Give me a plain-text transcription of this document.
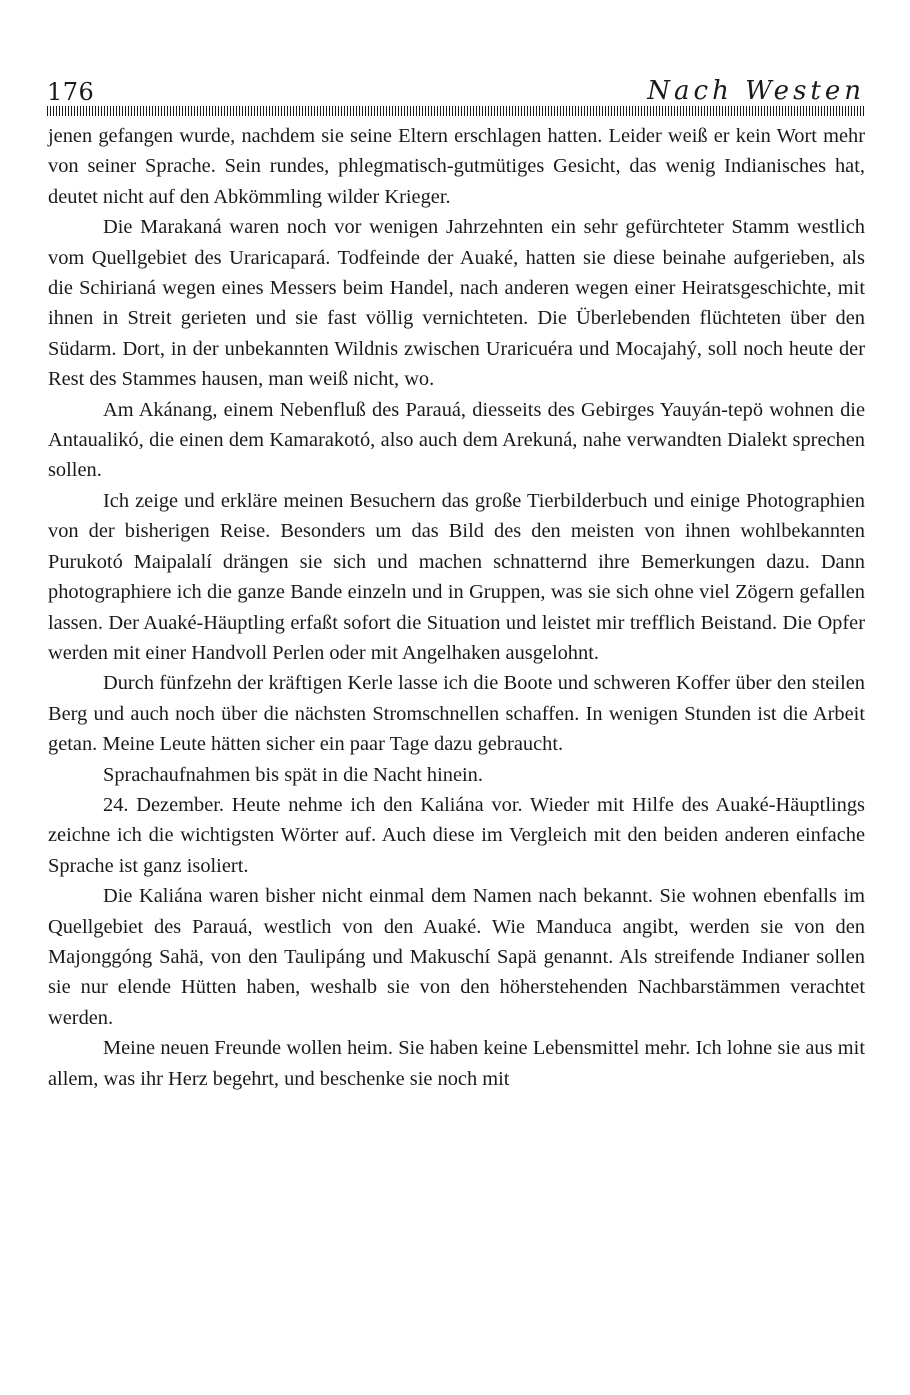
176	Nach Westen

jenen gefangen wurde, nachdem sie seine Eltern erschlagen hatten. Leider weiß er kein Wort mehr von seiner Sprache. Sein rundes, phlegmatisch-gutmütiges Gesicht, das wenig Indianisches hat, deutet nicht auf den Abkömmling wilder Krieger.

Die Marakaná waren noch vor wenigen Jahrzehnten ein sehr gefürchteter Stamm westlich vom Quellgebiet des Uraricapará. Todfeinde der Auaké, hatten sie diese beinahe aufgerieben, als die Schirianá wegen eines Messers beim Handel, nach anderen wegen einer Heiratsgeschichte, mit ihnen in Streit gerieten und sie fast völlig vernichteten. Die Überlebenden flüchteten über den Südarm. Dort, in der unbekannten Wildnis zwischen Uraricuéra und Mocajahý, soll noch heute der Rest des Stammes hausen, man weiß nicht, wo.

Am Akánang, einem Nebenfluß des Parauá, diesseits des Gebirges Yauyán-tepö wohnen die Antaualikó, die einen dem Kamarakotó, also auch dem Arekuná, nahe verwandten Dialekt sprechen sollen.

Ich zeige und erkläre meinen Besuchern das große Tierbilderbuch und einige Photographien von der bisherigen Reise. Besonders um das Bild des den meisten von ihnen wohlbekannten Purukotó Maipalalí drängen sie sich und machen schnatternd ihre Bemerkungen dazu. Dann photographiere ich die ganze Bande einzeln und in Gruppen, was sie sich ohne viel Zögern gefallen lassen. Der Auaké-Häuptling erfaßt sofort die Situation und leistet mir trefflich Beistand. Die Opfer werden mit einer Handvoll Perlen oder mit Angelhaken ausgelohnt.

Durch fünfzehn der kräftigen Kerle lasse ich die Boote und schweren Koffer über den steilen Berg und auch noch über die nächsten Stromschnellen schaffen. In wenigen Stunden ist die Arbeit getan. Meine Leute hätten sicher ein paar Tage dazu gebraucht.

Sprachaufnahmen bis spät in die Nacht hinein.

24. Dezember. Heute nehme ich den Kaliána vor. Wieder mit Hilfe des Auaké-Häuptlings zeichne ich die wichtigsten Wörter auf. Auch diese im Vergleich mit den beiden anderen einfache Sprache ist ganz isoliert.

Die Kaliána waren bisher nicht einmal dem Namen nach bekannt. Sie wohnen ebenfalls im Quellgebiet des Parauá, westlich von den Auaké. Wie Manduca angibt, werden sie von den Majonggóng Sahä, von den Taulipáng und Makuschí Sapä genannt. Als streifende Indianer sollen sie nur elende Hütten haben, weshalb sie von den höherstehenden Nachbarstämmen verachtet werden.

Meine neuen Freunde wollen heim. Sie haben keine Lebensmittel mehr. Ich lohne sie aus mit allem, was ihr Herz begehrt, und beschenke sie noch mit
